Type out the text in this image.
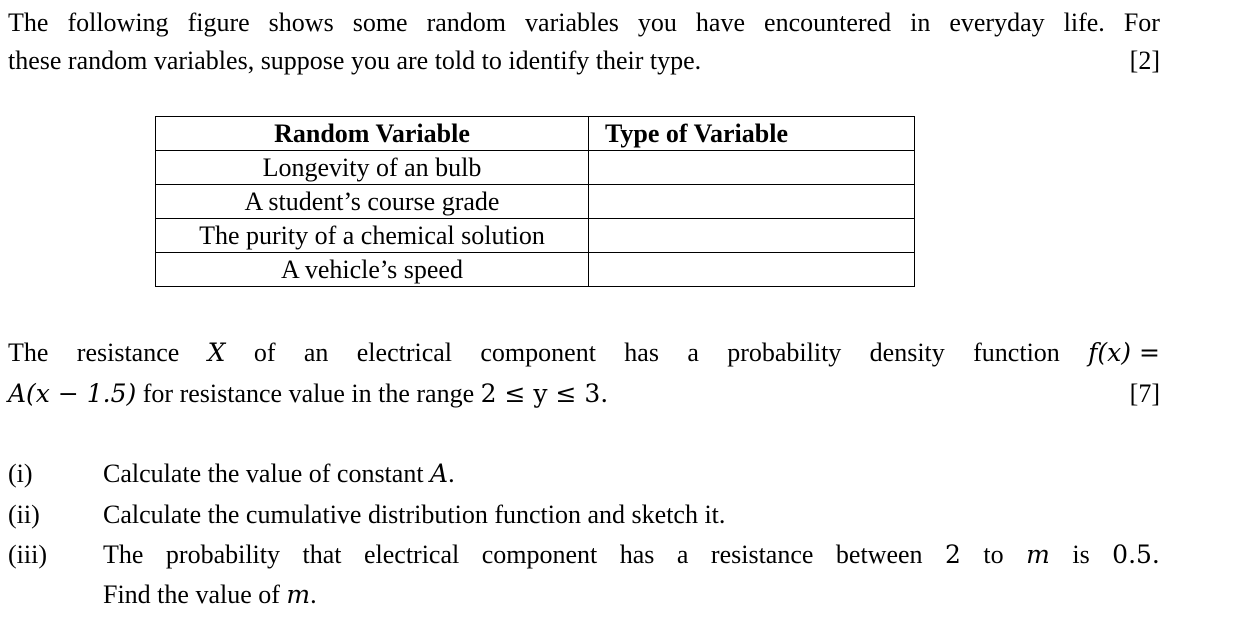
The following figure shows some random variables you have encountered in everyday life. For
these random variables, suppose you are told to identify their type.	[2]
Random Variable	Type of Variable
Longevity of an bulb	
A student’s course grade	
The purity of a chemical solution	
A vehicle’s speed	
The resistance X of an electrical component has a probability density function f(x) =
A(x − 1.5) for resistance value in the range 2 ≤ y ≤ 3.	[7]
(i)	Calculate the value of constant A.
(ii) Calculate the cumulative distribution function and sketch it.
(iii) The probability that electrical component has a resistance between 2 to m is 0.5.
Find the value of m.
